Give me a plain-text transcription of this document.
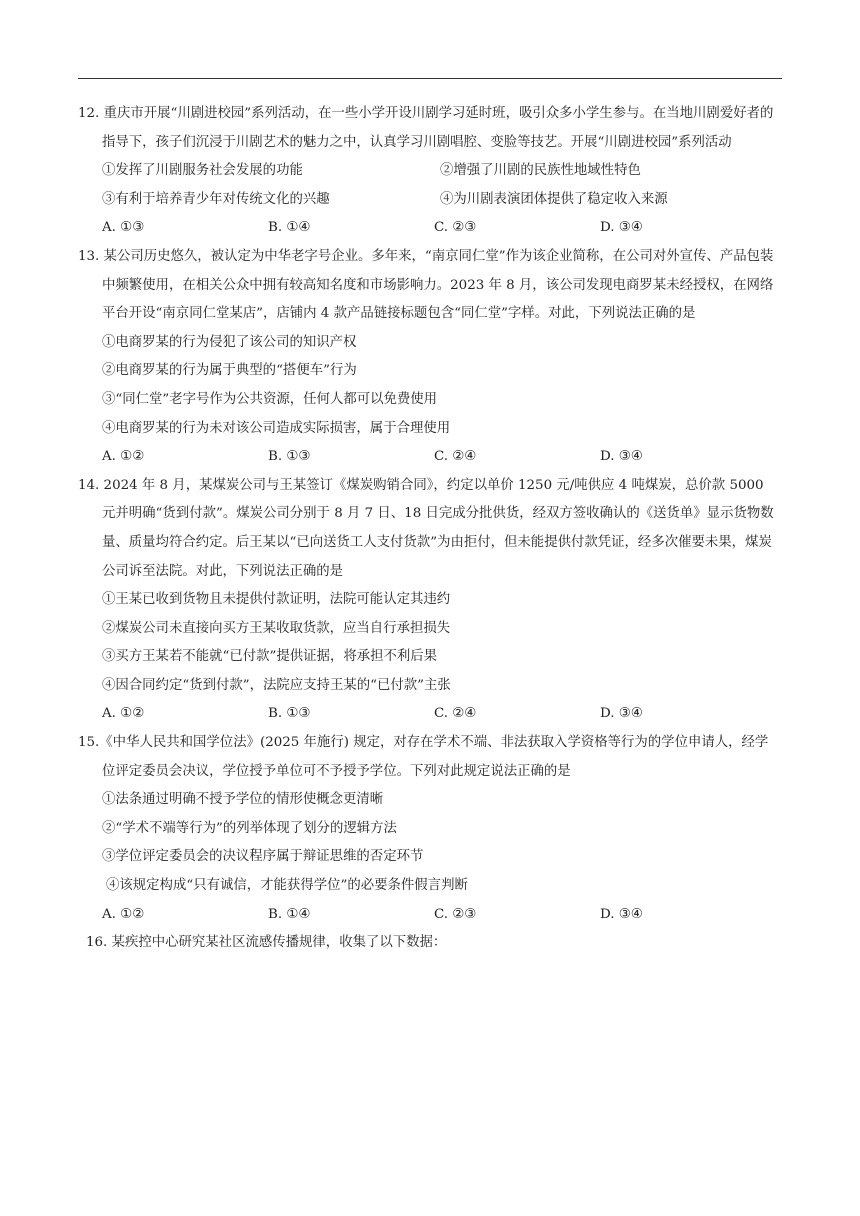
12. 重庆市开展“川剧进校园”系列活动，在一些小学开设川剧学习延时班，吸引众多小学生参与。在当地川剧爱好者的指导下，孩子们沉浸于川剧艺术的魅力之中，认真学习川剧唱腔、变脸等技艺。开展“川剧进校园”系列活动

①发挥了川剧服务社会发展的功能	②增强了川剧的民族性地域性特色
③有利于培养青少年对传统文化的兴趣	④为川剧表演团体提供了稳定收入来源
A. ①③	B. ①④	C. ②③	D. ③④

13. 某公司历史悠久，被认定为中华老字号企业。多年来，“南京同仁堂”作为该企业简称，在公司对外宣传、产品包装中频繁使用，在相关公众中拥有较高知名度和市场影响力。2023 年 8 月，该公司发现电商罗某未经授权，在网络平台开设“南京同仁堂某店”，店铺内 4 款产品链接标题包含“同仁堂”字样。对此，下列说法正确的是

①电商罗某的行为侵犯了该公司的知识产权

②电商罗某的行为属于典型的“搭便车”行为

③“同仁堂”老字号作为公共资源，任何人都可以免费使用

④电商罗某的行为未对该公司造成实际损害，属于合理使用

A. ①②	B. ①③	C. ②④	D. ③④

14. 2024 年 8 月，某煤炭公司与王某签订《煤炭购销合同》，约定以单价 1250 元/吨供应 4 吨煤炭，总价款 5000 元并明确“货到付款”。煤炭公司分别于 8 月 7 日、18 日完成分批供货，经双方签收确认的《送货单》显示货物数量、质量均符合约定。后王某以“已向送货工人支付货款”为由拒付，但未能提供付款凭证，经多次催要未果，煤炭公司诉至法院。对此，下列说法正确的是

①王某已收到货物且未提供付款证明，法院可能认定其违约

②煤炭公司未直接向买方王某收取货款，应当自行承担损失

③买方王某若不能就“已付款”提供证据，将承担不利后果

④因合同约定“货到付款”，法院应支持王某的“已付款”主张

A. ①②	B. ①③	C. ②④	D. ③④

15.《中华人民共和国学位法》(2025 年施行) 规定，对存在学术不端、非法获取入学资格等行为的学位申请人，经学位评定委员会决议，学位授予单位可不予授予学位。下列对此规定说法正确的是

①法条通过明确不授予学位的情形使概念更清晰

②“学术不端等行为”的列举体现了划分的逻辑方法

③学位评定委员会的决议程序属于辩证思维的否定环节

④该规定构成“只有诚信，才能获得学位”的必要条件假言判断

A. ①②	B. ①④	C. ②③	D. ③④

16. 某疾控中心研究某社区流感传播规律，收集了以下数据：
